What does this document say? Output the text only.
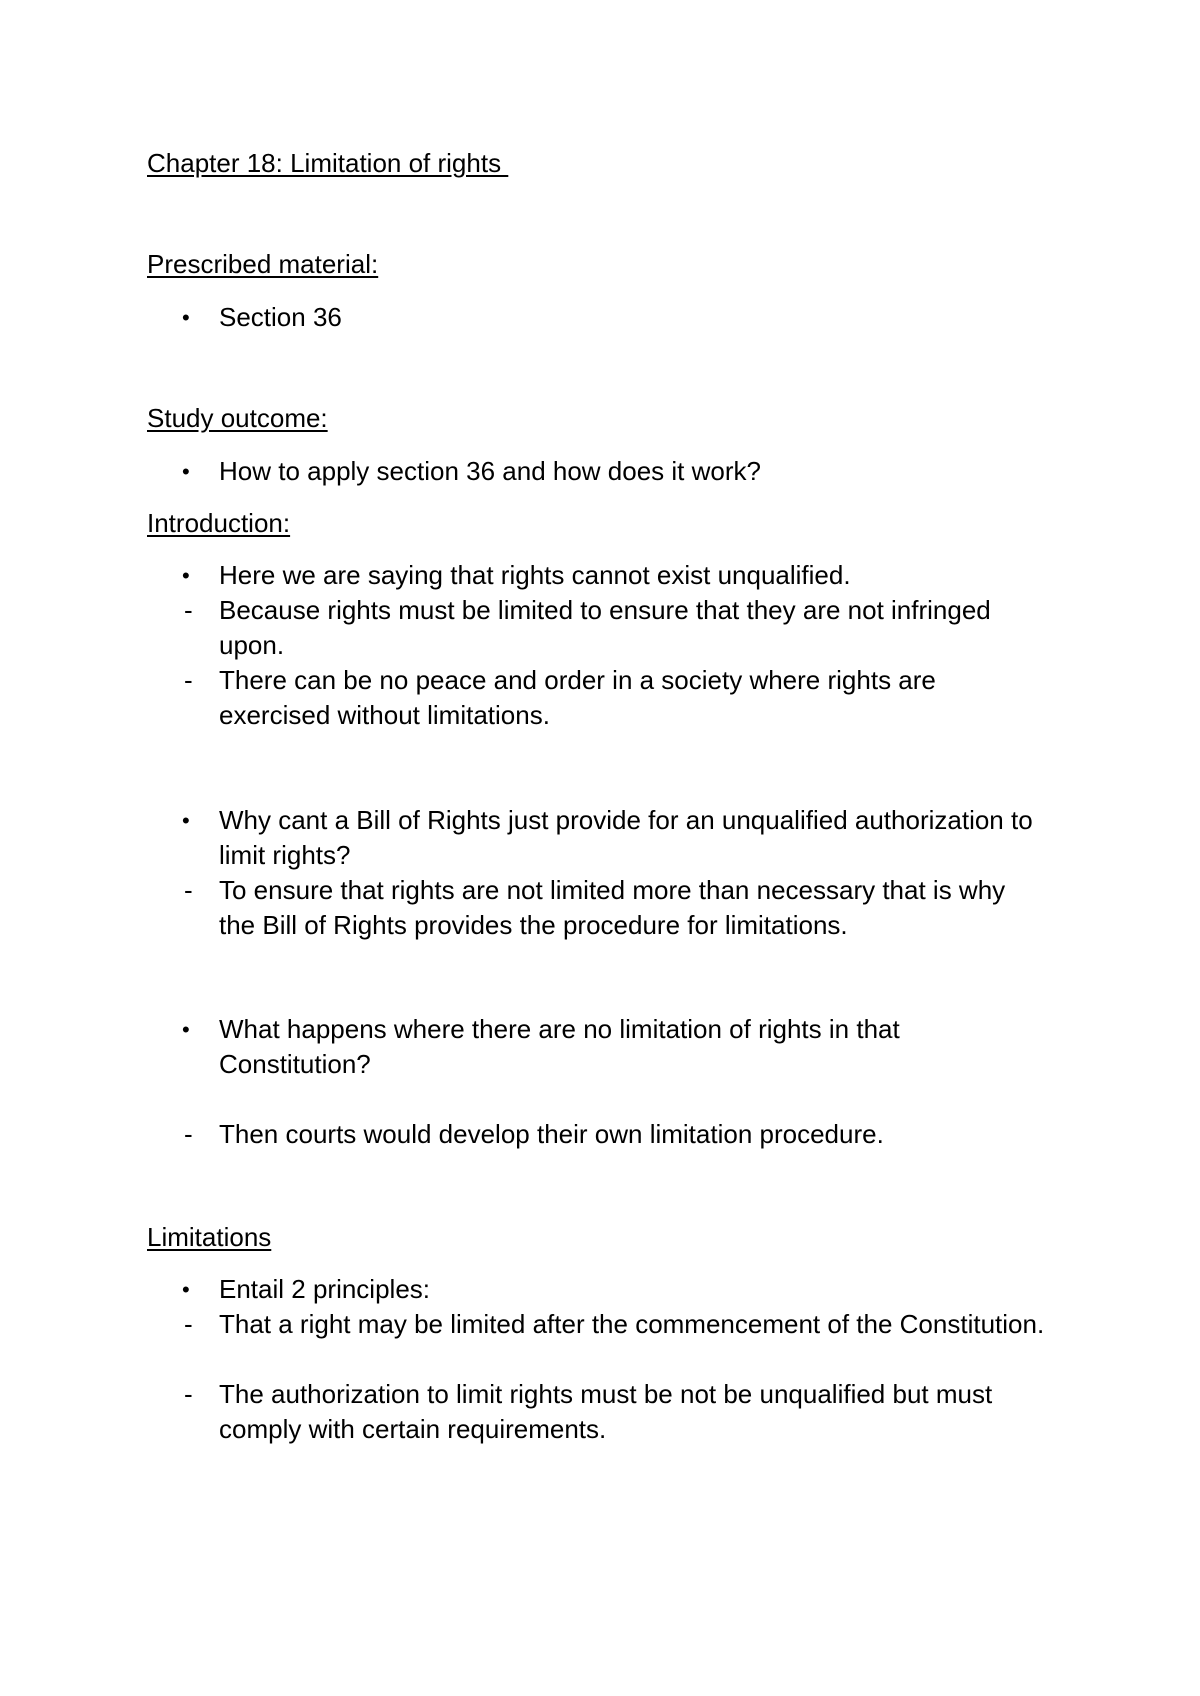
Chapter 18: Limitation of rights
Prescribed material:
•	Section 36
Study outcome:
•	How to apply section 36 and how does it work?
Introduction:
•	Here we are saying that rights cannot exist unqualified.
-	Because rights must be limited to ensure that they are not infringed upon.
-	There can be no peace and order in a society where rights are exercised without limitations.
•	Why cant a Bill of Rights just provide for an unqualified authorization to limit rights?
-	To ensure that rights are not limited more than necessary that is why the Bill of Rights provides the procedure for limitations.
•	What happens where there are no limitation of rights in that Constitution?
-	Then courts would develop their own limitation procedure.
Limitations
•	Entail 2 principles:
-	That a right may be limited after the commencement of the Constitution.
-	The authorization to limit rights must be not be unqualified but must comply with certain requirements.
